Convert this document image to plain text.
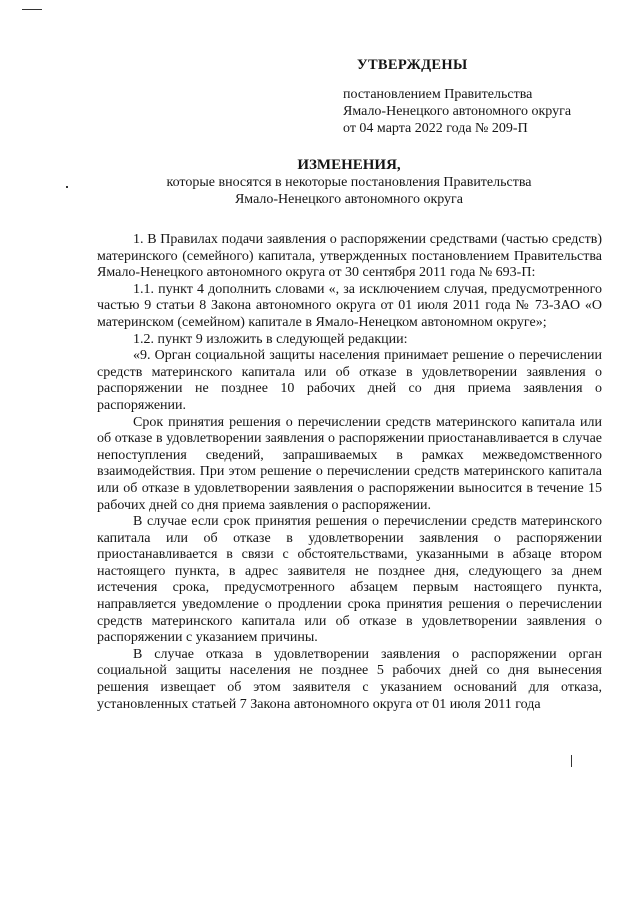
УТВЕРЖДЕНЫ
постановлением Правительства
Ямало-Ненецкого автономного округа
от 04 марта 2022 года № 209-П
ИЗМЕНЕНИЯ,
которые вносятся в некоторые постановления Правительства
Ямало-Ненецкого автономного округа

1. В Правилах подачи заявления о распоряжении средствами (частью средств) материнского (семейного) капитала, утвержденных постановлением Правительства Ямало-Ненецкого автономного округа от 30 сентября 2011 года № 693-П:

1.1. пункт 4 дополнить словами «, за исключением случая, предусмотренного частью 9 статьи 8 Закона автономного округа от 01 июля 2011 года № 73-ЗАО «О материнском (семейном) капитале в Ямало-Ненецком автономном округе»;

1.2. пункт 9 изложить в следующей редакции:

«9. Орган социальной защиты населения принимает решение о перечислении средств материнского капитала или об отказе в удовлетворении заявления о распоряжении не позднее 10 рабочих дней со дня приема заявления о распоряжении.

Срок принятия решения о перечислении средств материнского капитала или об отказе в удовлетворении заявления о распоряжении приостанавливается в случае непоступления сведений, запрашиваемых в рамках межведомственного взаимодействия. При этом решение о перечислении средств материнского капитала или об отказе в удовлетворении заявления о распоряжении выносится в течение 15 рабочих дней со дня приема заявления о распоряжении.

В случае если срок принятия решения о перечислении средств материнского капитала или об отказе в удовлетворении заявления о распоряжении приостанавливается в связи с обстоятельствами, указанными в абзаце втором настоящего пункта, в адрес заявителя не позднее дня, следующего за днем истечения срока, предусмотренного абзацем первым настоящего пункта, направляется уведомление о продлении срока принятия решения о перечислении средств материнского капитала или об отказе в удовлетворении заявления о распоряжении с указанием причины.

В случае отказа в удовлетворении заявления о распоряжении орган социальной защиты населения не позднее 5 рабочих дней со дня вынесения решения извещает об этом заявителя с указанием оснований для отказа, установленных статьей 7 Закона автономного округа от 01 июля 2011 года
